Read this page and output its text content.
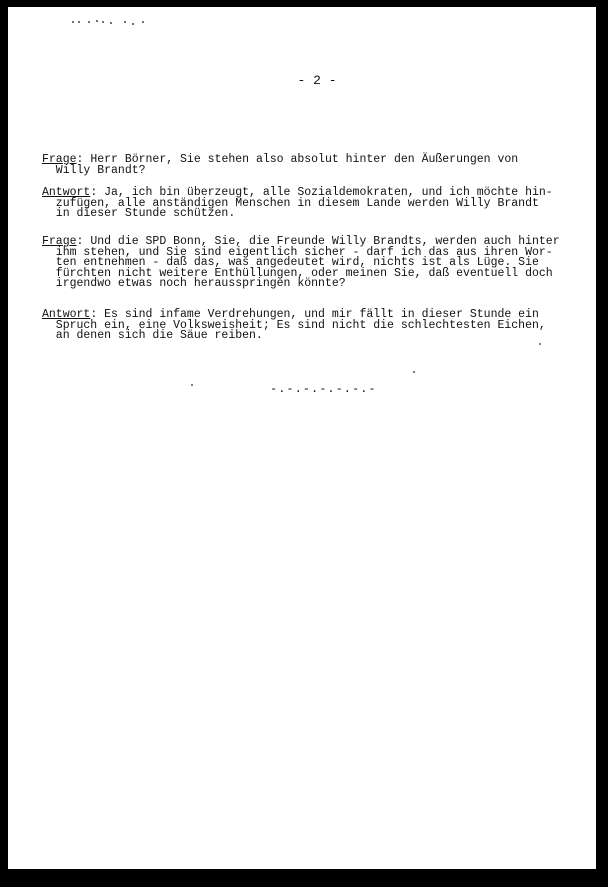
- 2 -
Frage: Herr Börner, Sie stehen also absolut hinter den Äußerungen von
Willy Brandt?
Antwort: Ja, ich bin überzeugt, alle Sozialdemokraten, und ich möchte hin-
zufügen, alle anständigen Menschen in diesem Lande werden Willy Brandt
in dieser Stunde schützen.
Frage: Und die SPD Bonn, Sie, die Freunde Willy Brandts, werden auch hinter
ihm stehen, und Sie sind eigentlich sicher - darf ich das aus ihren Wor-
ten entnehmen - daß das, was angedeutet wird, nichts ist als Lüge. Sie
fürchten nicht weitere Enthüllungen, oder meinen Sie, daß eventuell doch
irgendwo etwas noch herausspringen könnte?
Antwort: Es sind infame Verdrehungen, und mir fällt in dieser Stunde ein
Spruch ein, eine Volksweisheit; Es sind nicht die schlechtesten Eichen,
an denen sich die Säue reiben.
-.-.-.-.-.-.-
